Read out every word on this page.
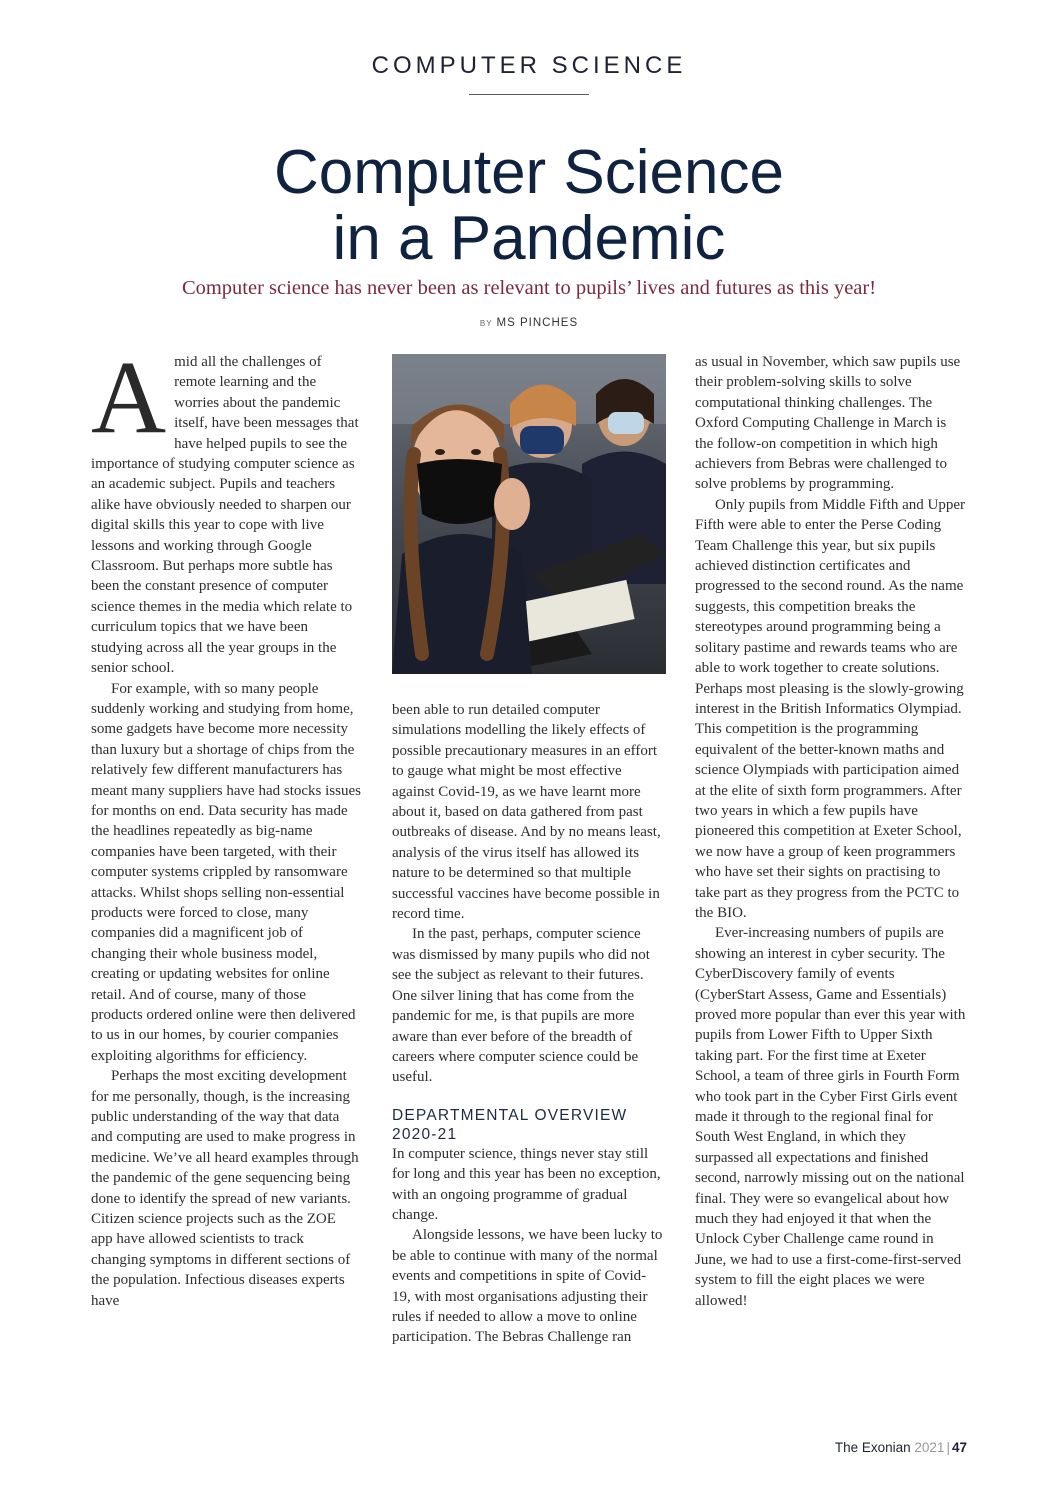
COMPUTER SCIENCE
Computer Science
in a Pandemic
Computer science has never been as relevant to pupils’ lives and futures as this year!
BY MS PINCHES

Amid all the challenges of remote learning and the worries about the pandemic itself, have been messages that have helped pupils to see the importance of studying computer science as an academic subject. Pupils and teachers alike have obviously needed to sharpen our digital skills this year to cope with live lessons and working through Google Classroom. But perhaps more subtle has been the constant presence of computer science themes in the media which relate to curriculum topics that we have been studying across all the year groups in the senior school.

For example, with so many people suddenly working and studying from home, some gadgets have become more necessity than luxury but a shortage of chips from the relatively few different manufacturers has meant many suppliers have had stocks issues for months on end. Data security has made the headlines repeatedly as big-name companies have been targeted, with their computer systems crippled by ransomware attacks. Whilst shops selling non-essential products were forced to close, many companies did a magnificent job of changing their whole business model, creating or updating websites for online retail. And of course, many of those products ordered online were then delivered to us in our homes, by courier companies exploiting algorithms for efficiency.

Perhaps the most exciting development for me personally, though, is the increasing public understanding of the way that data and computing are used to make progress in medicine. We’ve all heard examples through the pandemic of the gene sequencing being done to identify the spread of new variants. Citizen science projects such as the ZOE app have allowed scientists to track changing symptoms in different sections of the population. Infectious diseases experts have

been able to run detailed computer simulations modelling the likely effects of possible precautionary measures in an effort to gauge what might be most effective against Covid-19, as we have learnt more about it, based on data gathered from past outbreaks of disease. And by no means least, analysis of the virus itself has allowed its nature to be determined so that multiple successful vaccines have become possible in record time.

In the past, perhaps, computer science was dismissed by many pupils who did not see the subject as relevant to their futures. One silver lining that has come from the pandemic for me, is that pupils are more aware than ever before of the breadth of careers where computer science could be useful.

DEPARTMENTAL OVERVIEW 2020-21

In computer science, things never stay still for long and this year has been no exception, with an ongoing programme of gradual change.

Alongside lessons, we have been lucky to be able to continue with many of the normal events and competitions in spite of Covid-19, with most organisations adjusting their rules if needed to allow a move to online participation. The Bebras Challenge ran

as usual in November, which saw pupils use their problem-solving skills to solve computational thinking challenges. The Oxford Computing Challenge in March is the follow-on competition in which high achievers from Bebras were challenged to solve problems by programming.

Only pupils from Middle Fifth and Upper Fifth were able to enter the Perse Coding Team Challenge this year, but six pupils achieved distinction certificates and progressed to the second round. As the name suggests, this competition breaks the stereotypes around programming being a solitary pastime and rewards teams who are able to work together to create solutions. Perhaps most pleasing is the slowly-growing interest in the British Informatics Olympiad. This competition is the programming equivalent of the better-known maths and science Olympiads with participation aimed at the elite of sixth form programmers. After two years in which a few pupils have pioneered this competition at Exeter School, we now have a group of keen programmers who have set their sights on practising to take part as they progress from the PCTC to the BIO.

Ever-increasing numbers of pupils are showing an interest in cyber security. The CyberDiscovery family of events (CyberStart Assess, Game and Essentials) proved more popular than ever this year with pupils from Lower Fifth to Upper Sixth taking part. For the first time at Exeter School, a team of three girls in Fourth Form who took part in the Cyber First Girls event made it through to the regional final for South West England, in which they surpassed all expectations and finished second, narrowly missing out on the national final. They were so evangelical about how much they had enjoyed it that when the Unlock Cyber Challenge came round in June, we had to use a first-come-first-served system to fill the eight places we were allowed!

The Exonian 2021 | 47
